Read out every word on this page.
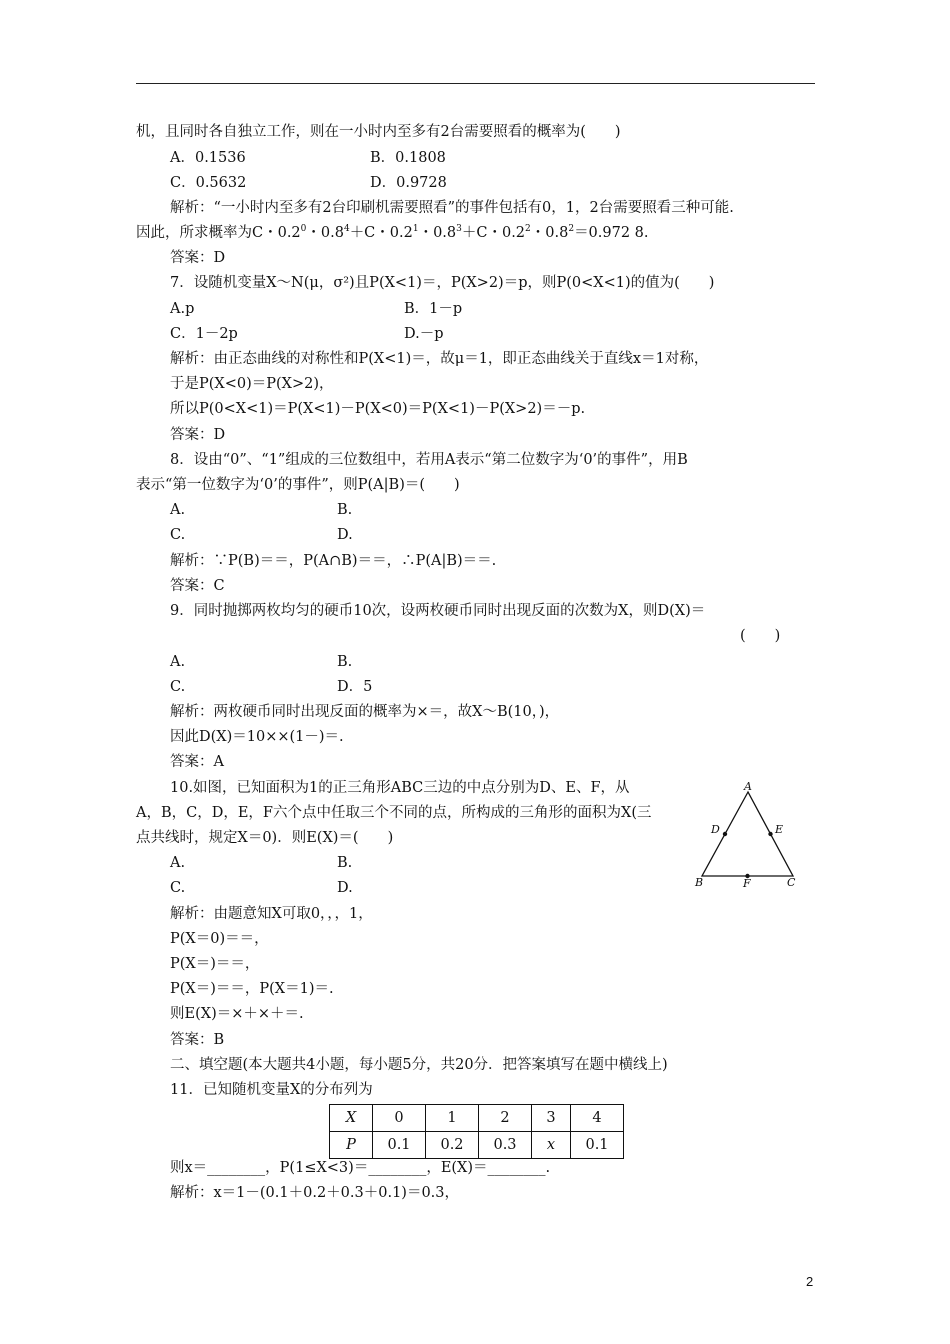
机，且同时各自独立工作，则在一小时内至多有2台需要照看的概率为(　　)
A．0.1536	B．0.1808
C．0.5632	D．0.9728
解析：“一小时内至多有2台印刷机需要照看”的事件包括有0，1，2台需要照看三种可能.
因此，所求概率为C・$0.2^0$・$0.8^4+C$・$0.2^1$・$0.8^3+C$・$0.2^2$・$0.8^2=0.972$ 8.
答案：D
7．设随机变量X～N(μ，σ²)且P(X<1)＝，P(X>2)＝p，则P(0<X<1)的值为(　　)
A.p	B．1－p
C．1－2p	D.－p
解析：由正态曲线的对称性和P(X<1)＝，故μ＝1，即正态曲线关于直线x＝1对称，
于是P(X<0)＝P(X>2)，
所以P(0<X<1)＝P(X<1)－P(X<0)＝P(X<1)－P(X>2)＝－p.
答案：D
8．设由“0”、“1”组成的三位数组中，若用A表示“第二位数字为‘0’的事件”，用B
表示“第一位数字为‘0’的事件”，则P(A|B)＝(　　)
A.	B.
C.	D.
解析：∵P(B)＝＝，P(A∩B)＝＝，∴P(A|B)＝＝.
答案：C
9．同时抛掷两枚均匀的硬币10次，设两枚硬币同时出现反面的次数为X，则D(X)＝
(　　)
A.	B.
C.	D．5
解析：两枚硬币同时出现反面的概率为×＝，故X～B(10，)，
因此D(X)＝10××(1－)＝.
答案：A
10.如图，已知面积为1的正三角形ABC三边的中点分别为D、E、F，从
A，B，C，D，E，F六个点中任取三个不同的点，所构成的三角形的面积为X(三
点共线时，规定X＝0)．则E(X)＝(　　)
A.	B.
C.	D.
解析：由题意知X可取0，，，1，
P(X＝0)＝＝，
P(X＝)＝＝，
P(X＝)＝＝，P(X＝1)＝.
则E(X)＝×＋×＋＝.
答案：B
二、填空题(本大题共4小题，每小题5分，共20分．把答案填写在题中横线上)
11．已知随机变量X的分布列为
X	0	1	2	3	4
P	0.1	0.2	0.3	x	0.1
则x＝________，P(1≤X<3)＝________，E(X)＝________.
解析：x＝1－(0.1＋0.2＋0.3＋0.1)＝0.3，
A
D	E
B	F	C
2
